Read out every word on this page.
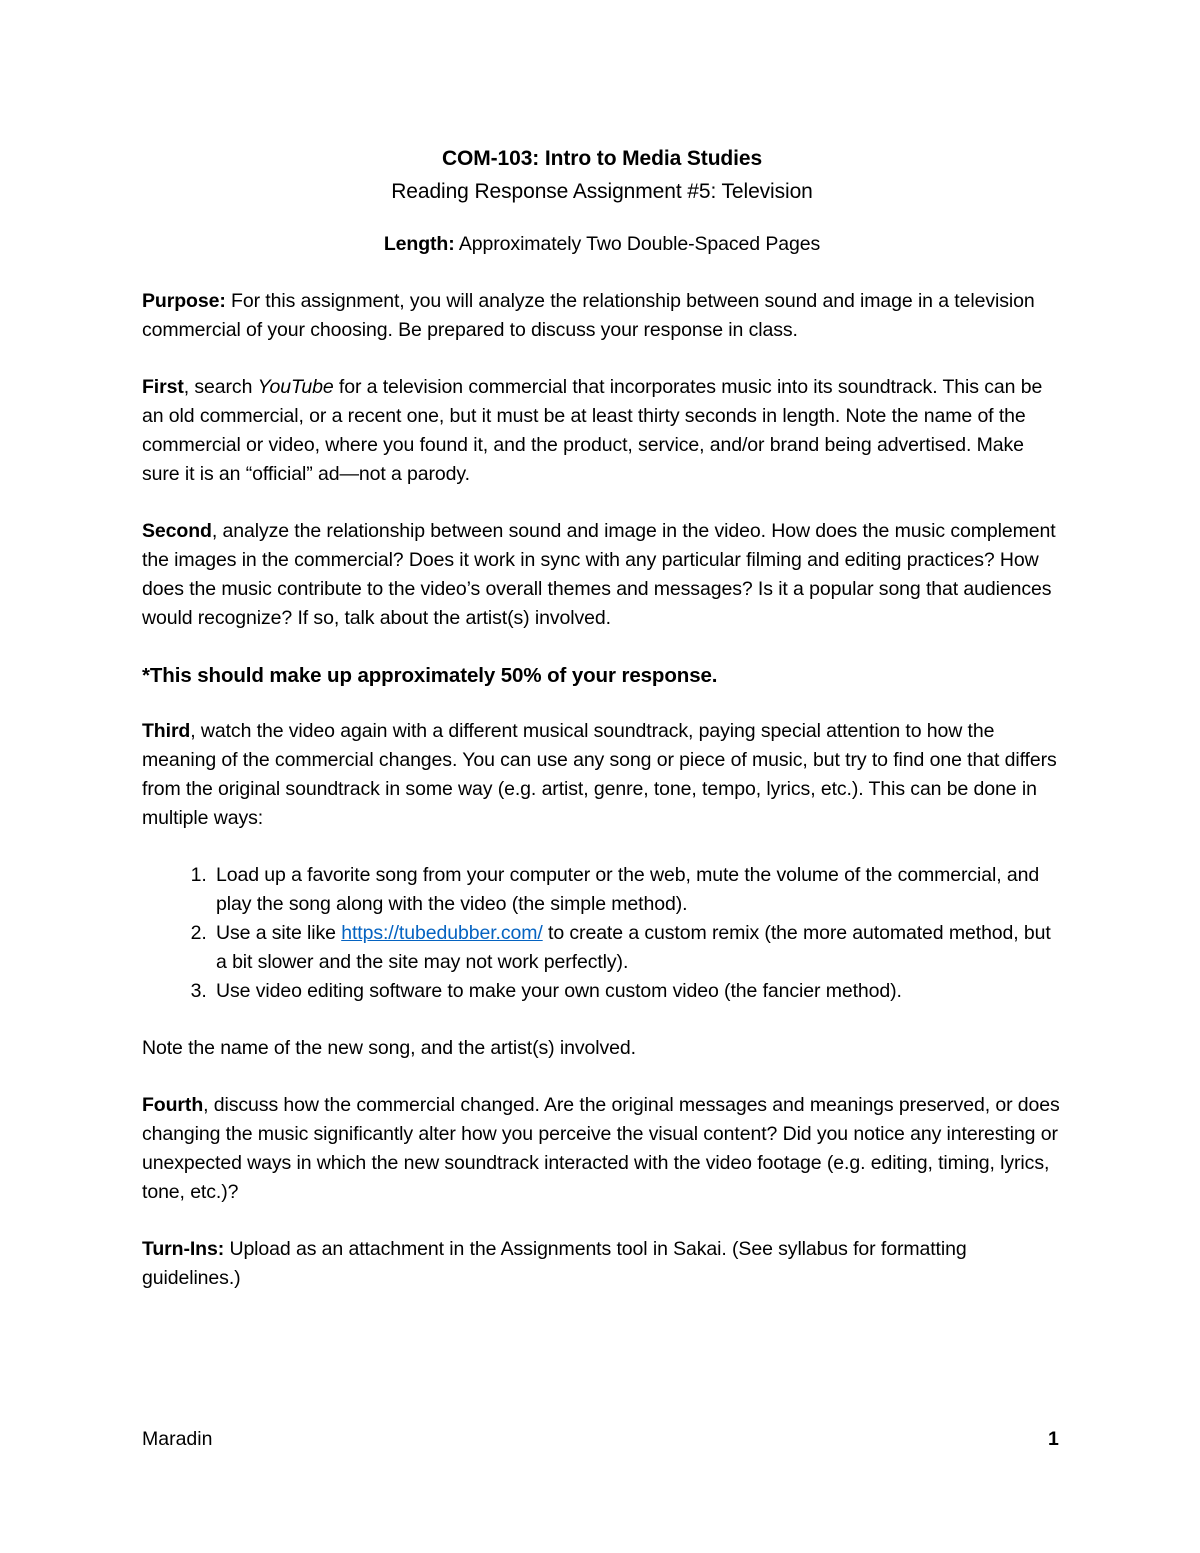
COM-103: Intro to Media Studies
Reading Response Assignment #5: Television
Length: Approximately Two Double-Spaced Pages

Purpose: For this assignment, you will analyze the relationship between sound and image in a television commercial of your choosing. Be prepared to discuss your response in class.

First, search YouTube for a television commercial that incorporates music into its soundtrack. This can be an old commercial, or a recent one, but it must be at least thirty seconds in length. Note the name of the commercial or video, where you found it, and the product, service, and/or brand being advertised. Make sure it is an “official” ad—not a parody.

Second, analyze the relationship between sound and image in the video. How does the music complement the images in the commercial? Does it work in sync with any particular filming and editing practices? How does the music contribute to the video’s overall themes and messages? Is it a popular song that audiences would recognize? If so, talk about the artist(s) involved.

*This should make up approximately 50% of your response.

Third, watch the video again with a different musical soundtrack, paying special attention to how the meaning of the commercial changes. You can use any song or piece of music, but try to find one that differs from the original soundtrack in some way (e.g. artist, genre, tone, tempo, lyrics, etc.). This can be done in multiple ways:

1. Load up a favorite song from your computer or the web, mute the volume of the commercial, and play the song along with the video (the simple method).
2. Use a site like https://tubedubber.com/ to create a custom remix (the more automated method, but a bit slower and the site may not work perfectly).
3. Use video editing software to make your own custom video (the fancier method).

Note the name of the new song, and the artist(s) involved.

Fourth, discuss how the commercial changed. Are the original messages and meanings preserved, or does changing the music significantly alter how you perceive the visual content? Did you notice any interesting or unexpected ways in which the new soundtrack interacted with the video footage (e.g. editing, timing, lyrics, tone, etc.)?

Turn-Ins: Upload as an attachment in the Assignments tool in Sakai. (See syllabus for formatting guidelines.)

Maradin	1
